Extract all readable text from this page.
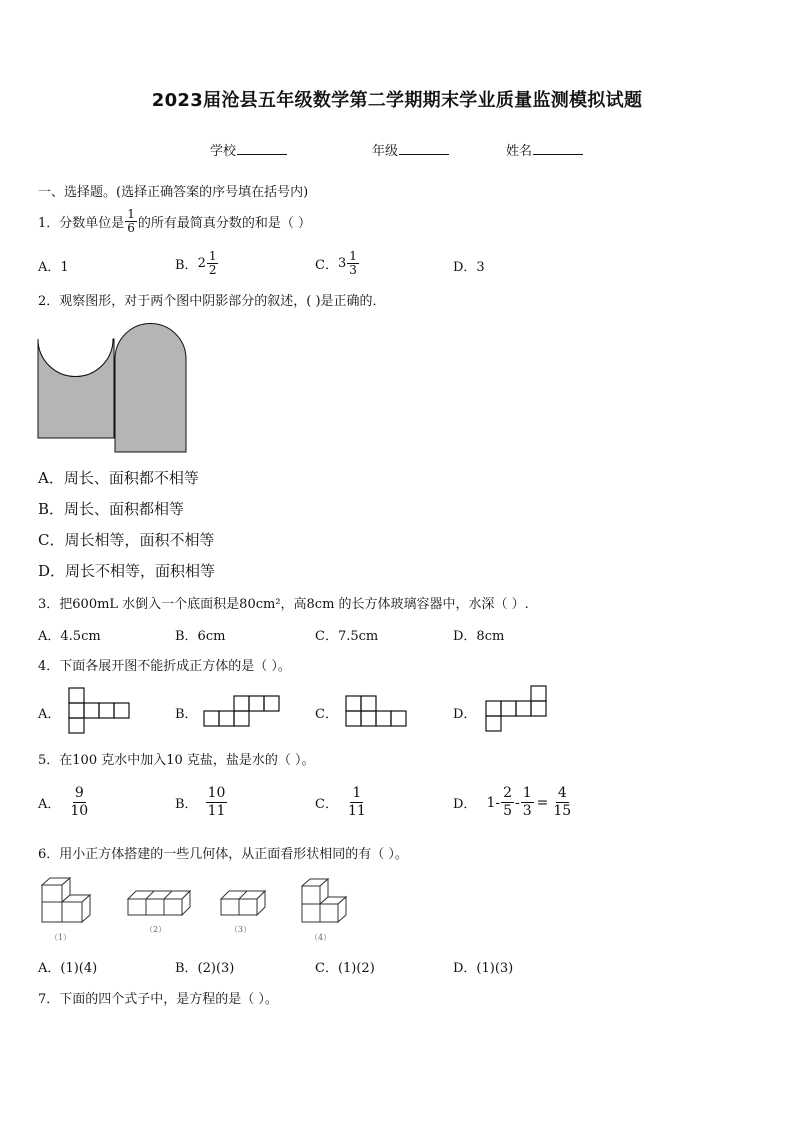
2023届沧县五年级数学第二学期期末学业质量监测模拟试题
学校	年级	姓名
一、选择题。(选择正确答案的序号填在括号内)
1．分数单位是 $\frac{1}{6}$ 的所有最简真分数的和是（ ）
A．1	B． $2 \frac{1}{2}$	C． $3 \frac{1}{3}$	D．3
2．观察图形，对于两个图中阴影部分的叙述，( )是正确的．
A．周长、面积都不相等
B．周长、面积都相等
C．周长相等，面积不相等
D．周长不相等，面积相等
3．把600mL 水倒入一个底面积是80cm²，高8cm 的长方体玻璃容器中，水深（ ）.
A．4.5cm	B．6cm	C．7.5cm	D．8cm
4．下面各展开图不能折成正方体的是（ ）。
A．	B．	C．	D．
5．在100 克水中加入10 克盐，盐是水的（ ）。
A． $\frac{9}{10}$	B． $\frac{10}{11}$	C． $\frac{1}{11}$	D． $1- \frac{2}{5} - \frac{1}{3} = \frac{4}{15}$
6．用小正方体搭建的一些几何体，从正面看形状相同的有（ ）。
（1）
（2）	（3）
（4）
A．(1)(4)	B．(2)(3)	C．(1)(2)	D．(1)(3)
7．下面的四个式子中，是方程的是（ ）。
